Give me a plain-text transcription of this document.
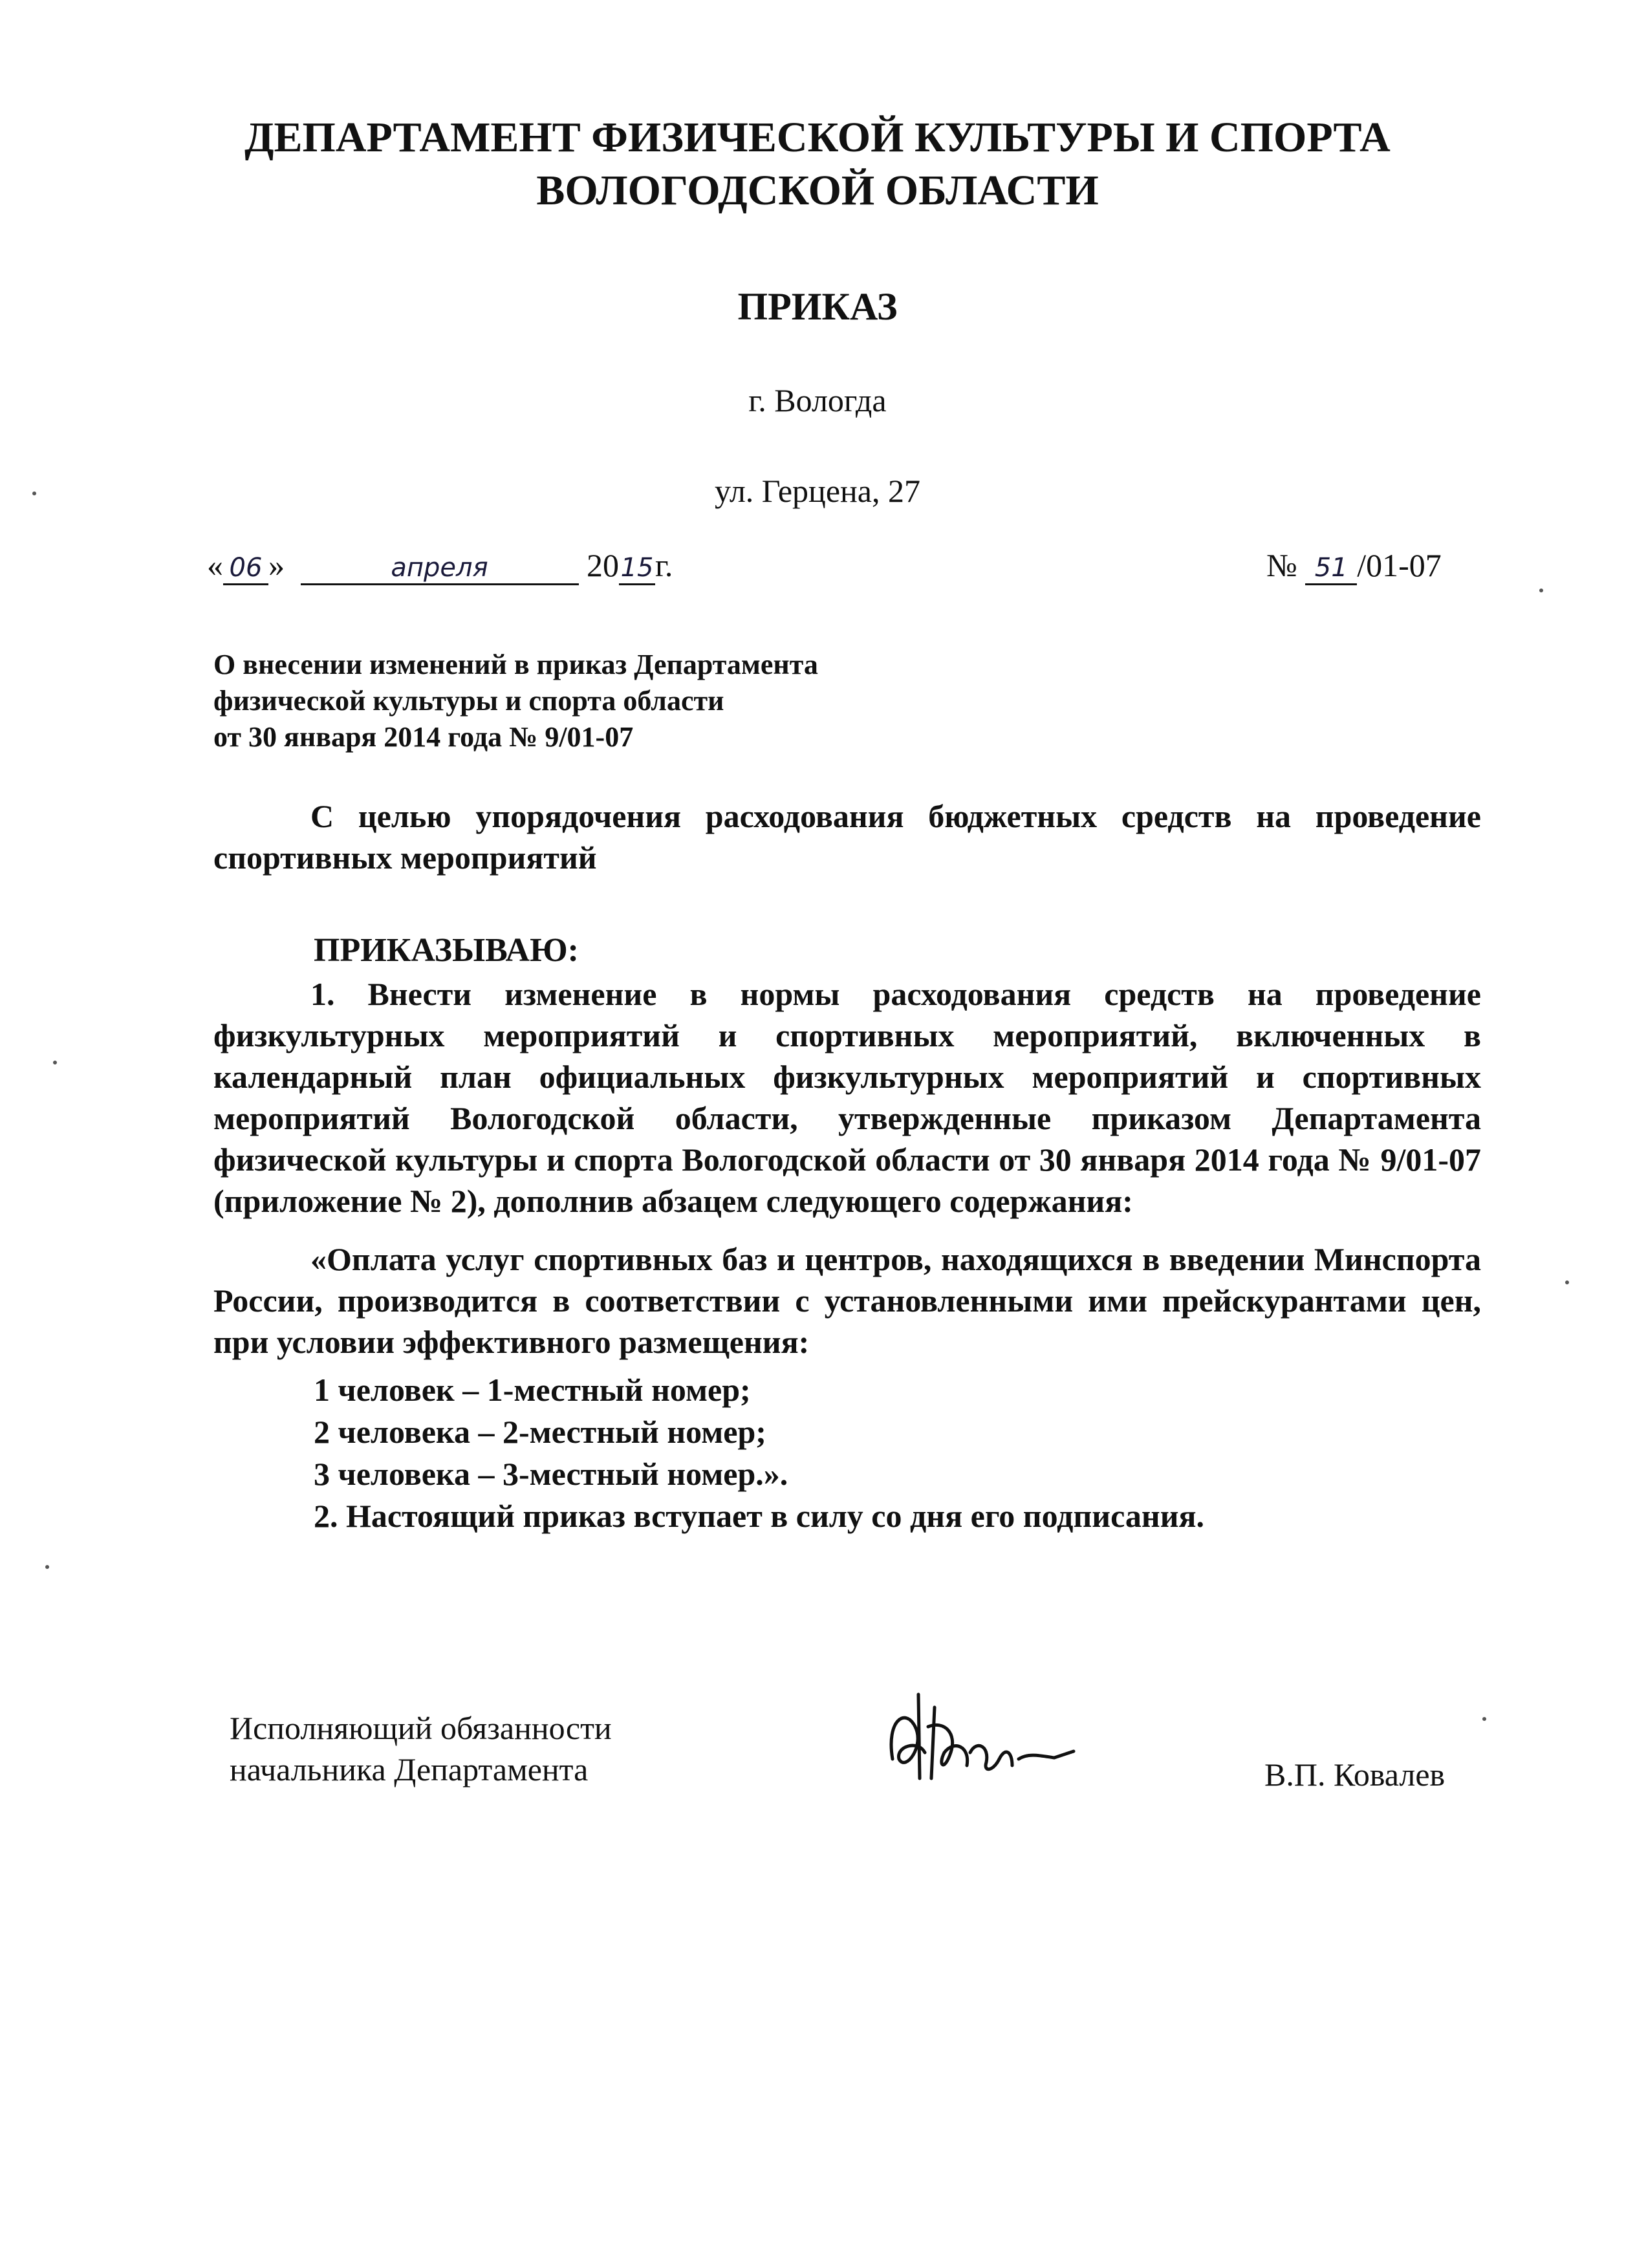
ДЕПАРТАМЕНТ ФИЗИЧЕСКОЙ КУЛЬТУРЫ И СПОРТА
ВОЛОГОДСКОЙ ОБЛАСТИ
ПРИКАЗ
г. Вологда
ул. Герцена, 27
« 06 »	апреля	2015г.	№ 51 /01-07
О внесении изменений в приказ Департамента
физической культуры и спорта области
от 30 января 2014 года № 9/01-07
С целью упорядочения расходования бюджетных средств на проведение спортивных мероприятий
ПРИКАЗЫВАЮ:
1. Внести изменение в нормы расходования средств на проведение физкультурных мероприятий и спортивных мероприятий, включенных в календарный план официальных физкультурных мероприятий и спортивных мероприятий Вологодской области, утвержденные приказом Департамента физической культуры и спорта Вологодской области от 30 января 2014 года № 9/01-07 (приложение № 2), дополнив абзацем следующего содержания:
«Оплата услуг спортивных баз и центров, находящихся в введении Минспорта России, производится в соответствии с установленными ими прейскурантами цен, при условии эффективного размещения:
1 человек – 1-местный номер;
2 человека – 2-местный номер;
3 человека – 3-местный номер.».
2. Настоящий приказ вступает в силу со дня его подписания.
Исполняющий обязанности
начальника Департамента	В.П. Ковалев
